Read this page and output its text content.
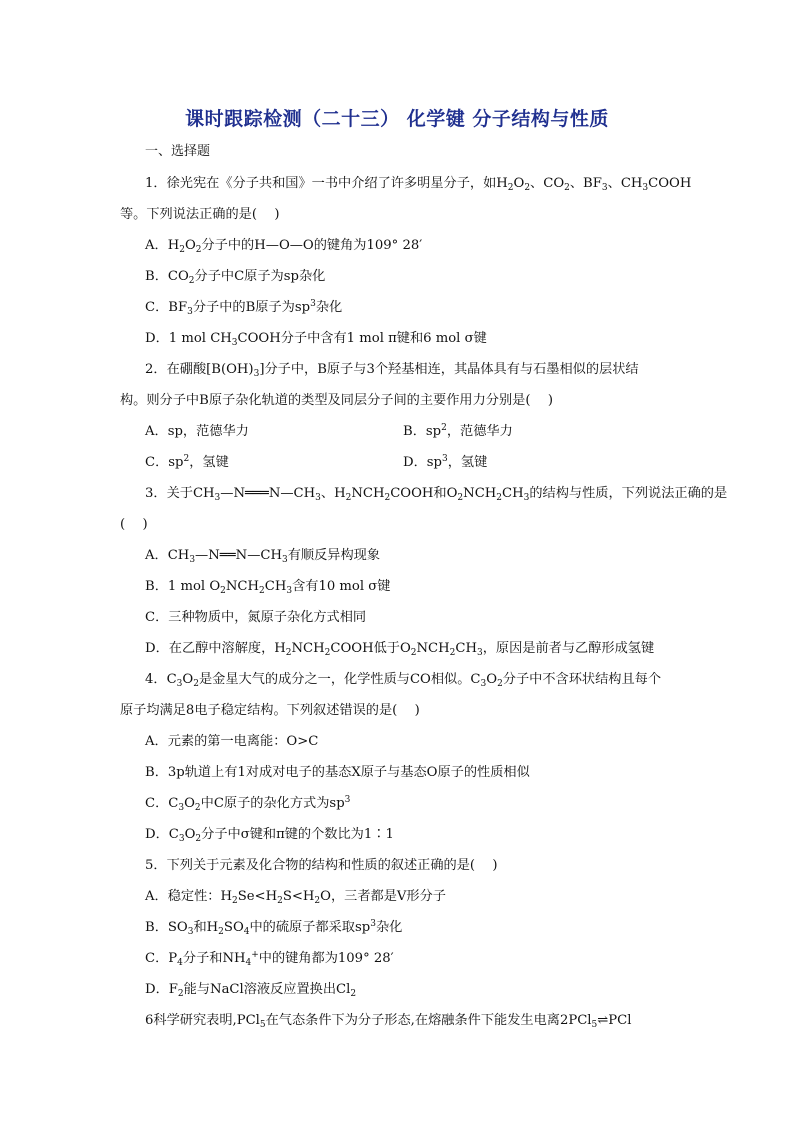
课时跟踪检测（二十三） 化学键 分子结构与性质
一、选择题
1．徐光宪在《分子共和国》一书中介绍了许多明星分子，如$H_2O_2$、$CO_2$、$BF_3$、$CH_3COOH$
等。下列说法正确的是(　 )
A．$H_2O_2$分子中的H—O—O的键角为109° 28′
B．$CO_2$分子中C原子为sp杂化
C．$BF_3$分子中的B原子为$sp^3$杂化
D．1 mol $CH_3COOH$分子中含有1 mol π键和6 mol σ键
2．在硼酸$[B(OH)_3]$分子中，B原子与3个羟基相连，其晶体具有与石墨相似的层状结
构。则分子中B原子杂化轨道的类型及同层分子间的主要作用力分别是(　 )
A．sp，范德华力	B．$sp^2$，范德华力
C．$sp^2$，氢键	D．$sp^3$，氢键
3．关于$CH_3—N═══N—CH_3$、$H_2NCH_2COOH$和$O_2NCH_2CH_3$的结构与性质，下列说法正确的是
(　 )
A．$CH_3—N══N—CH_3$有顺反异构现象
B．1 mol $O_2NCH_2CH_3$含有10 mol σ键
C．三种物质中，氮原子杂化方式相同
D．在乙醇中溶解度，$H_2NCH_2COOH$低于$O_2NCH_2CH_3$，原因是前者与乙醇形成氢键
4．$C_3O_2$是金星大气的成分之一，化学性质与CO相似。$C_3O_2$分子中不含环状结构且每个
原子均满足8电子稳定结构。下列叙述错误的是(　 )
A．元素的第一电离能：O>C
B．3p轨道上有1对成对电子的基态X原子与基态O原子的性质相似
C．$C_3O_2$中C原子的杂化方式为$sp^3$
D．$C_3O_2$分子中σ键和π键的个数比为1∶1
5．下列关于元素及化合物的结构和性质的叙述正确的是(　 )
A．稳定性：$H_2Se<H_2S<H_2O$，三者都是V形分子
B．$SO_3$和$H_2SO_4$中的硫原子都采取$sp^3$杂化
C．$P_4$分子和$NH_4^+$中的键角都为109° 28′
D．$F_2$能与NaCl溶液反应置换出$Cl_2$
6科学研究表明,PCl$_5$在气态条件下为分子形态,在熔融条件下能发生电离2PCl$_5$⇌PCl
